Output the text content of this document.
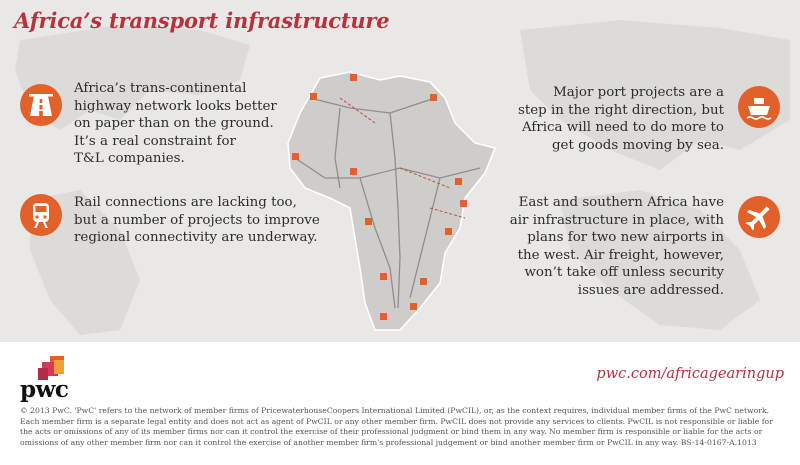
Africa’s transport infrastructure
Africa’s trans-continental
highway network looks better
on paper than on the ground.
It’s a real constraint for
T&L companies.
Rail connections are lacking too,
but a number of projects to improve
regional connectivity are underway.
Major port projects are a
step in the right direction, but
Africa will need to do more to
get goods moving by sea.
East and southern Africa have
air infrastructure in place, with
plans for two new airports in
the west. Air freight, however,
won’t take off unless security
issues are addressed.
pwc
pwc.com/africagearingup
© 2013 PwC. 'PwC' refers to the network of member firms of PricewaterhouseCoopers International Limited (PwCIL), or, as the context requires, individual member firms of the PwC network. Each member firm is a separate legal entity and does not act as agent of PwCIL or any other member firm. PwCIL does not provide any services to clients. PwCIL is not responsible or liable for the acts or omissions of any of its member firms nor can it control the exercise of their professional judgment or bind them in any way. No member firm is responsible or liable for the acts or omissions of any other member firm nor can it control the exercise of another member firm's professional judgement or bind another member firm or PwCIL in any way. BS-14-0167-A.1013
